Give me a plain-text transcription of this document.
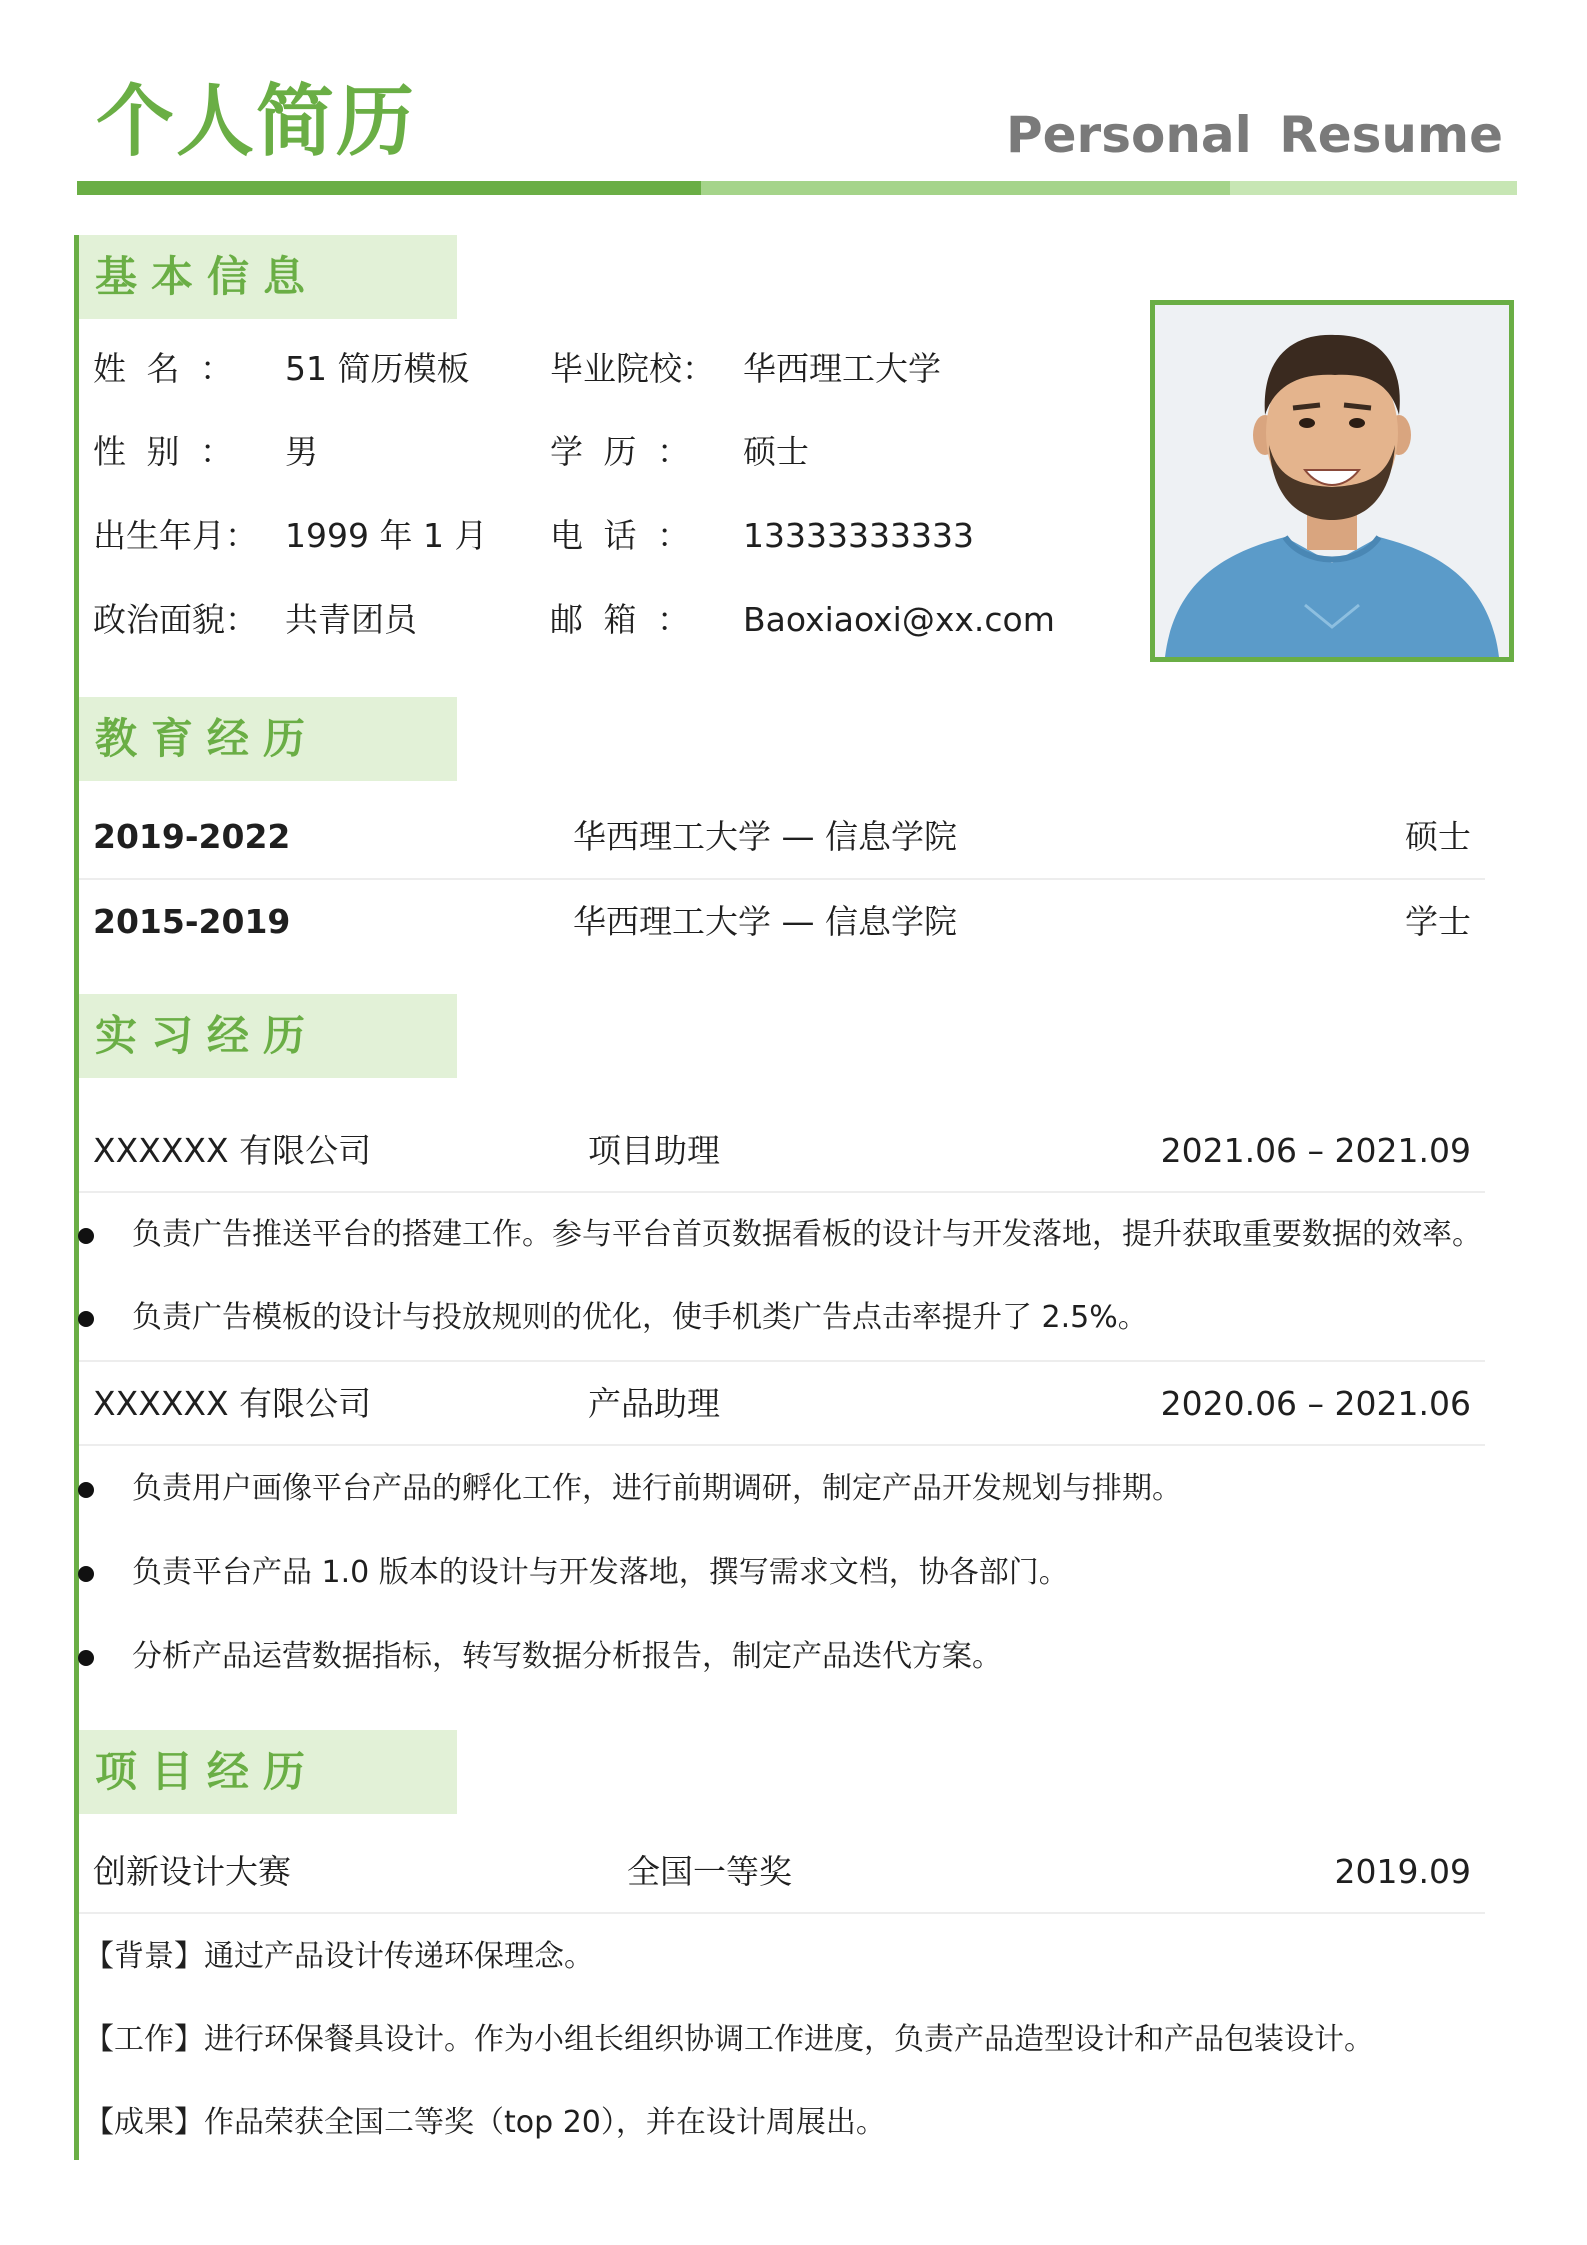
个人简历	Personal Resume
基本信息
姓名： 51 简历模板 毕业院校： 华西理工大学
性别： 男	学历： 硕士
出生年月： 1999 年 1 月 电话： 13333333333
政治面貌： 共青团员	邮箱： Baoxiaoxi@xx.com
教育经历
2019-2022	华西理工大学 — 信息学院	硕士
2015-2019	华西理工大学 — 信息学院	学士
实习经历
XXXXXX 有限公司	项目助理	2021.06 – 2021.09
负责广告推送平台的搭建工作。参与平台首页数据看板的设计与开发落地，提升获取重要数据的效率。
负责广告模板的设计与投放规则的优化，使手机类广告点击率提升了 2.5%。
XXXXXX 有限公司	产品助理	2020.06 – 2021.06
负责用户画像平台产品的孵化工作，进行前期调研，制定产品开发规划与排期。
负责平台产品 1.0 版本的设计与开发落地，撰写需求文档，协各部门。
分析产品运营数据指标，转写数据分析报告，制定产品迭代方案。
项目经历
创新设计大赛	全国一等奖	2019.09
【背景】通过产品设计传递环保理念。
【工作】进行环保餐具设计。作为小组长组织协调工作进度，负责产品造型设计和产品包装设计。
【成果】作品荣获全国二等奖（top 20），并在设计周展出。
